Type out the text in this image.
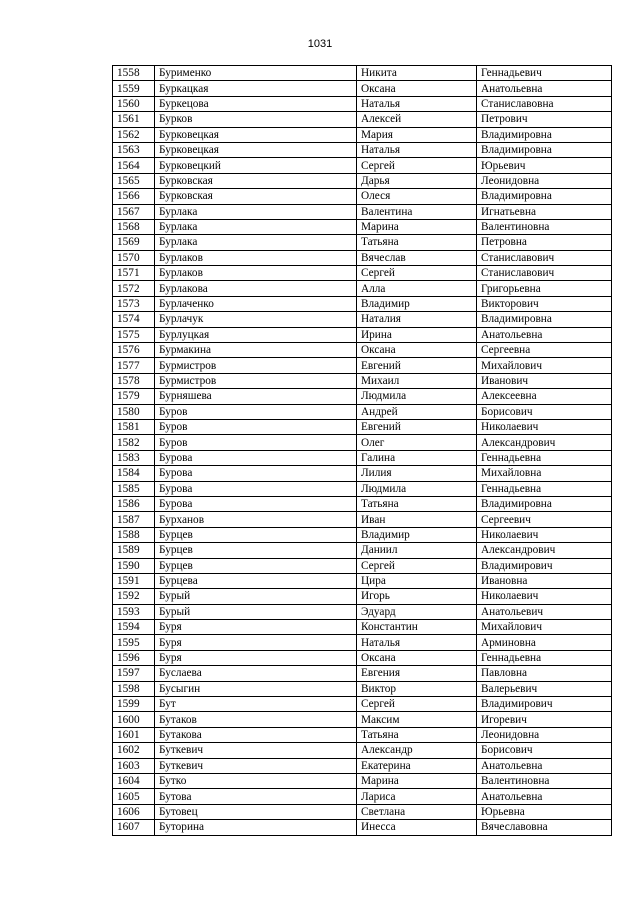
1031
1558	Бурименко	Никита	Геннадьевич
1559	Буркацкая	Оксана	Анатольевна
1560	Буркецова	Наталья	Станиславовна
1561	Бурков	Алексей	Петрович
1562	Бурковецкая	Мария	Владимировна
1563	Бурковецкая	Наталья	Владимировна
1564	Бурковецкий	Сергей	Юрьевич
1565	Бурковская	Дарья	Леонидовна
1566	Бурковская	Олеся	Владимировна
1567	Бурлака	Валентина	Игнатьевна
1568	Бурлака	Марина	Валентиновна
1569	Бурлака	Татьяна	Петровна
1570	Бурлаков	Вячеслав	Станиславович
1571	Бурлаков	Сергей	Станиславович
1572	Бурлакова	Алла	Григорьевна
1573	Бурлаченко	Владимир	Викторович
1574	Бурлачук	Наталия	Владимировна
1575	Бурлуцкая	Ирина	Анатольевна
1576	Бурмакина	Оксана	Сергеевна
1577	Бурмистров	Евгений	Михайлович
1578	Бурмистров	Михаил	Иванович
1579	Бурняшева	Людмила	Алексеевна
1580	Буров	Андрей	Борисович
1581	Буров	Евгений	Николаевич
1582	Буров	Олег	Александрович
1583	Бурова	Галина	Геннадьевна
1584	Бурова	Лилия	Михайловна
1585	Бурова	Людмила	Геннадьевна
1586	Бурова	Татьяна	Владимировна
1587	Бурханов	Иван	Сергеевич
1588	Бурцев	Владимир	Николаевич
1589	Бурцев	Даниил	Александрович
1590	Бурцев	Сергей	Владимирович
1591	Бурцева	Цира	Ивановна
1592	Бурый	Игорь	Николаевич
1593	Бурый	Эдуард	Анатольевич
1594	Буря	Константин	Михайлович
1595	Буря	Наталья	Арминовна
1596	Буря	Оксана	Геннадьевна
1597	Буслаева	Евгения	Павловна
1598	Бусыгин	Виктор	Валерьевич
1599	Бут	Сергей	Владимирович
1600	Бутаков	Максим	Игоревич
1601	Бутакова	Татьяна	Леонидовна
1602	Буткевич	Александр	Борисович
1603	Буткевич	Екатерина	Анатольевна
1604	Бутко	Марина	Валентиновна
1605	Бутова	Лариса	Анатольевна
1606	Бутовец	Светлана	Юрьевна
1607	Буторина	Инесса	Вячеславовна
